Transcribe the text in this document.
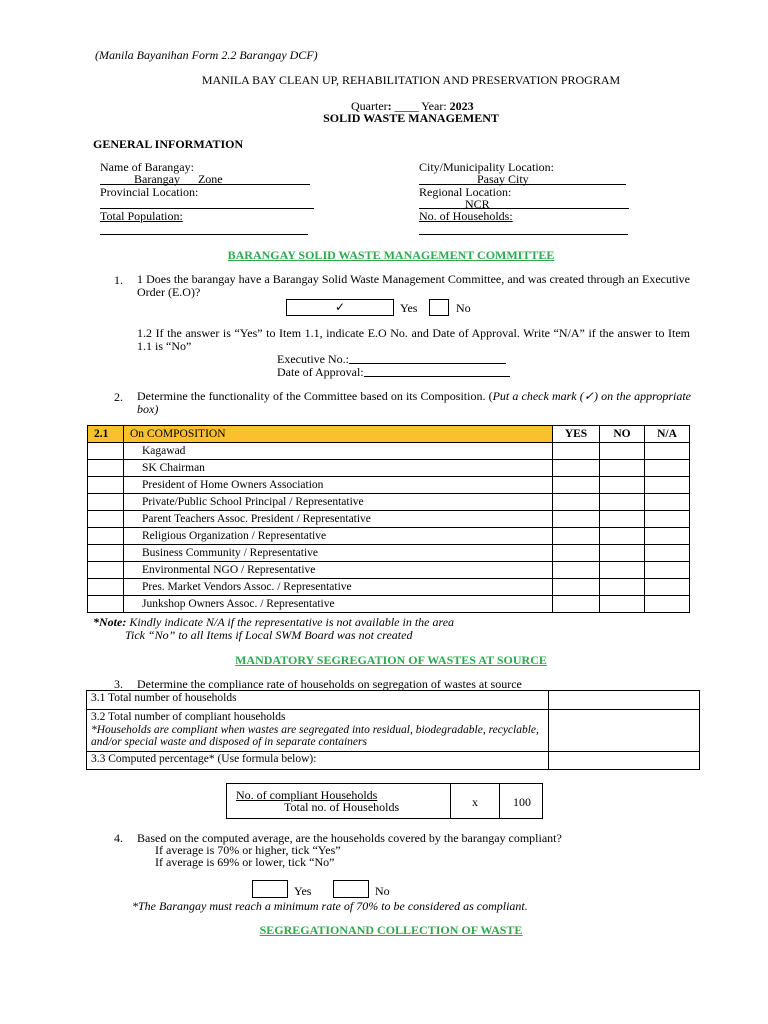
(Manila Bayanihan Form 2.2 Barangay DCF)
MANILA BAY CLEAN UP, REHABILITATION AND PRESERVATION PROGRAM
Quarter: ____ Year: 2023
SOLID WASTE MANAGEMENT
GENERAL INFORMATION
Name of Barangay:
Barangay      Zone
Provincial Location:
Total Population:
City/Municipality Location:
Pasay City
Regional Location:
NCR
No. of Households:
BARANGAY SOLID WASTE MANAGEMENT COMMITTEE
1. 1 Does the barangay have a Barangay Solid Waste Management Committee, and was created through an Executive Order (E.O)?
✓	Yes	No
1.2 If the answer is “Yes” to Item 1.1, indicate E.O No. and Date of Approval. Write “N/A” if the answer to Item 1.1 is “No”
Executive No.:
Date of Approval:
2. Determine the functionality of the Committee based on its Composition. (Put a check mark (✓) on the appropriate box)
2.1	On COMPOSITION	YES	NO	N/A
	Kagawad			
	SK Chairman			
	President of Home Owners Association			
	Private/Public School Principal / Representative			
	Parent Teachers Assoc. President / Representative			
	Religious Organization / Representative			
	Business Community / Representative			
	Environmental NGO / Representative			
	Pres. Market Vendors Assoc. / Representative			
	Junkshop Owners Assoc. / Representative			
*Note: Kindly indicate N/A if the representative is not available in the area
Tick “No” to all Items if Local SWM Board was not created
MANDATORY SEGREGATION OF WASTES AT SOURCE
3. Determine the compliance rate of households on segregation of wastes at source
3.1 Total number of households	

3.2 Total number of compliant households
*Households are compliant when wastes are segregated into residual, biodegradable, recyclable, and/or special waste and disposed of in separate containers	

3.3 Computed percentage* (Use formula below):	
No. of compliant Households
Total no. of Households	x	100
4. Based on the computed average, are the households covered by the barangay compliant?
If average is 70% or higher, tick “Yes”
If average is 69% or lower, tick “No”
Yes	No
*The Barangay must reach a minimum rate of 70% to be considered as compliant.
SEGREGATIONAND COLLECTION OF WASTE
